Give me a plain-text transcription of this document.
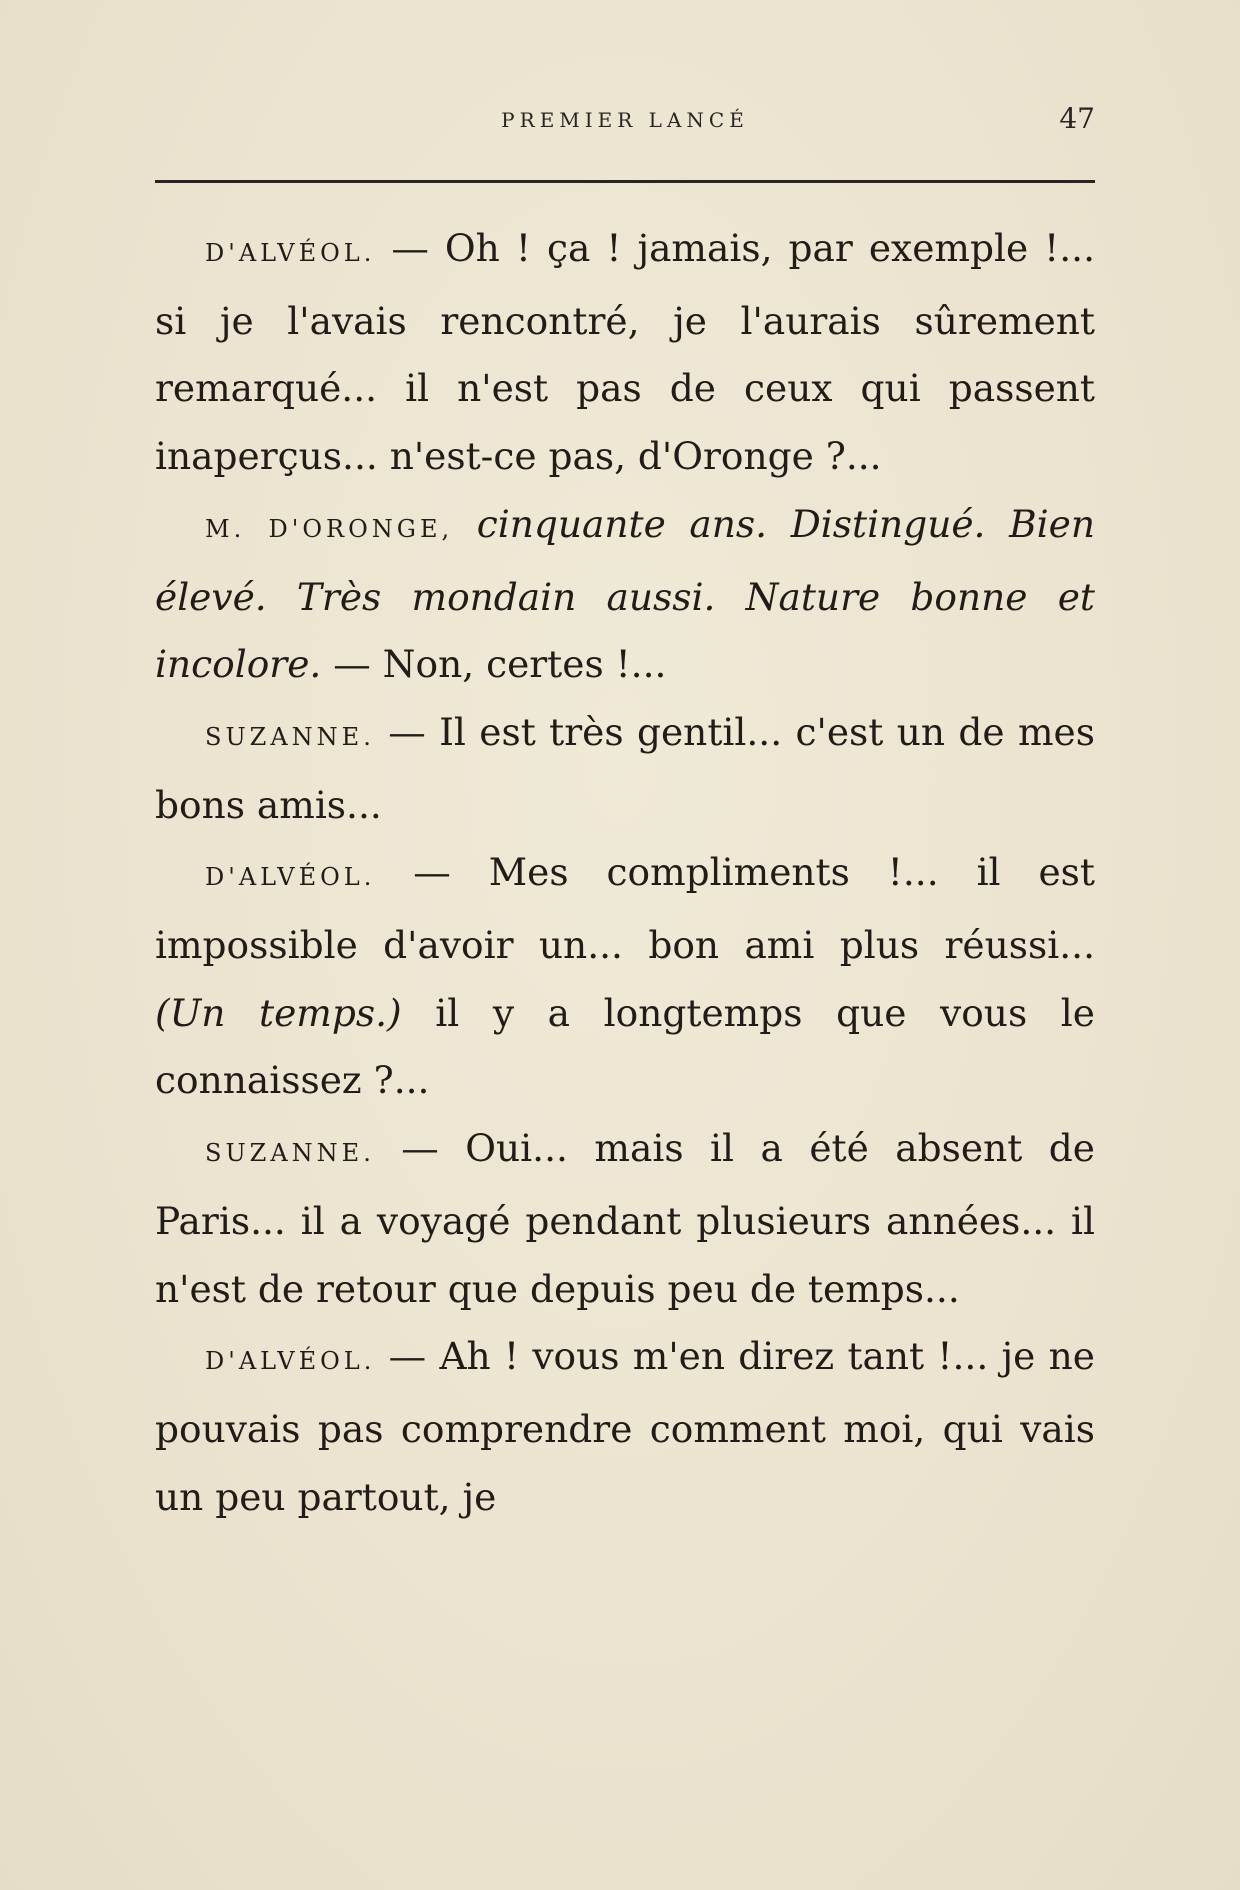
PREMIER LANCÉ	47

D'ALVÉOL. — Oh ! ça ! jamais, par exemple !... si je l'avais rencontré, je l'aurais sûrement remarqué... il n'est pas de ceux qui passent inaperçus... n'est-ce pas, d'Oronge ?...

M. D'ORONGE, cinquante ans. Distingué. Bien élevé. Très mondain aussi. Nature bonne et incolore. — Non, certes !...

SUZANNE. — Il est très gentil... c'est un de mes bons amis...

D'ALVÉOL. — Mes compliments !... il est impossible d'avoir un... bon ami plus réussi... (Un temps.) il y a longtemps que vous le connaissez ?...

SUZANNE. — Oui... mais il a été absent de Paris... il a voyagé pendant plusieurs années... il n'est de retour que depuis peu de temps...

D'ALVÉOL. — Ah ! vous m'en direz tant !... je ne pouvais pas comprendre comment moi, qui vais un peu partout, je
